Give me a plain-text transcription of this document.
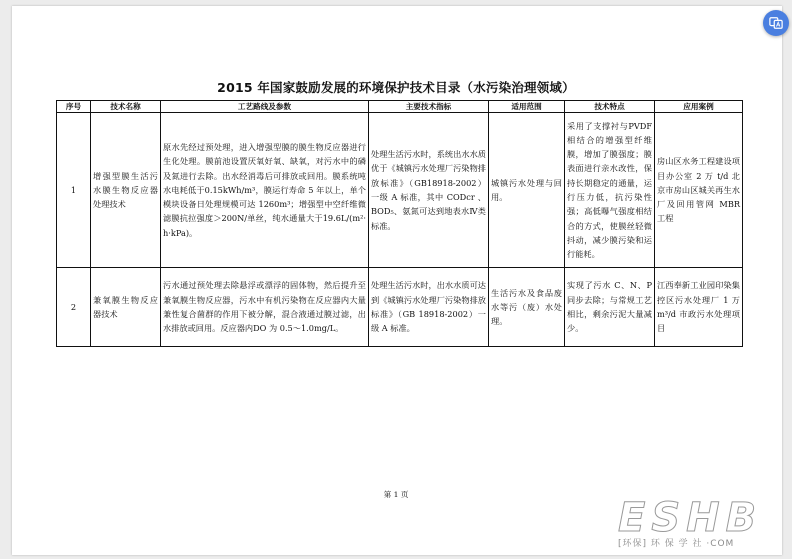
2015 年国家鼓励发展的环境保护技术目录（水污染治理领域）
序号	技术名称	工艺路线及参数	主要技术指标	适用范围	技术特点	应用案例
1	增强型膜生活污水膜生物反应器处理技术	原水先经过预处理，进入增强型膜的膜生物反应器进行生化处理。膜前池设置厌氧好氧、缺氧，对污水中的磷及氮进行去除。出水经消毒后可排放或回用。膜系统吨水电耗低于0.15kWh/m³，膜运行寿命 5 年以上，单个模块设备日处理规模可达 1260m³；增强型中空纤维微滤膜抗拉强度＞200N/单丝，纯水通量大于19.6L/(m²·h·kPa)。	处理生活污水时，系统出水水质优于《城镇污水处理厂污染物排放标准》（GB18918-2002）一级 A 标准，其中 CODcr 、BOD₅、氨氮可达到地表水Ⅳ类标准。	城镇污水处理与回用。	采用了支撑衬与PVDF 相结合的增强型纤维膜，增加了膜强度；膜表面进行亲水改性，保持长期稳定的通量，运行压力低，抗污染性强；高低曝气强度相结合的方式，使膜丝轻微抖动，减少膜污染和运行能耗。	房山区水务工程建设项目办公室 2 万 t/d 北京市房山区城关再生水厂及回用管网 MBR 工程
2	兼氧膜生物反应器技术	污水通过预处理去除悬浮或漂浮的固体物，然后提升至兼氧膜生物反应器，污水中有机污染物在反应器内大量兼性复合菌群的作用下被分解，混合液通过膜过滤，出水排放或回用。反应器内DO 为 0.5～1.0mg/L。	处理生活污水时，出水水质可达到《城镇污水处理厂污染物排放标准》（GB 18918-2002）一级 A 标准。	生活污水及食品废水等污（废）水处理。	实现了污水 C、N、P同步去除；与常规工艺相比，剩余污泥大量减少。	江西奉新工业园印染集控区污水处理厂 1 万 m³/d 市政污水处理项目
第 1 页
ESHB
[环保] 环 保 学 社 ·COM
